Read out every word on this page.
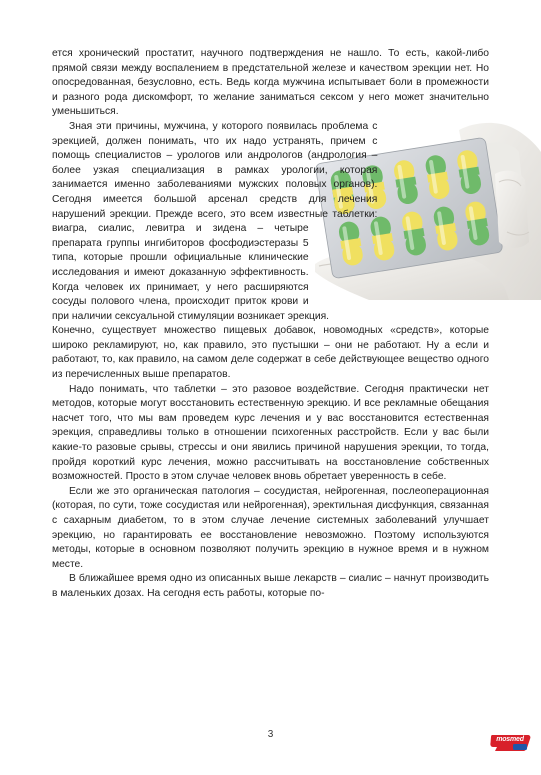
ется хронический простатит, научного подтверждения не нашло. То есть, какой-либо прямой связи между воспалением в предстательной железе и качеством эрекции нет. Но опосредованная, безусловно, есть. Ведь когда мужчина испытывает боли в промежности и разного рода дискомфорт, то желание заниматься сексом у него может значительно уменьшиться.

Зная эти причины, мужчина, у которого появилась проблема с эрекцией, должен понимать, что их надо устранять, причем с помощь специалистов – урологов или андрологов (андрология – более узкая специализация в рамках урологии, которая занимается именно заболеваниями мужских половых органов). Сегодня имеется большой арсенал средств для лечения нарушений эрекции. Прежде всего, это всем известные таблетки: виагра, сиалис, левитра и зидена – четыре препарата группы ингибиторов фосфодиэстеразы 5 типа, которые прошли официальные клинические исследования и имеют доказанную эффективность. Когда человек их принимает, у него расширяются сосуды полового члена, происходит приток крови и при наличии сексуальной стимуляции возникает эрекция.

Конечно, существует множество пищевых добавок, новомодных «средств», которые широко рекламируют, но, как правило, это пустышки – они не работают. Ну а если и работают, то, как правило, на самом деле содержат в себе действующее вещество одного из перечисленных выше препаратов.

Надо понимать, что таблетки – это разовое воздействие. Сегодня практически нет методов, которые могут восстановить естественную эрекцию. И все рекламные обещания насчет того, что мы вам проведем курс лечения и у вас восстановится естественная эрекция, справедливы только в отношении психогенных расстройств. Если у вас были какие-то разовые срывы, стрессы и они явились причиной нарушения эрекции, то тогда, пройдя короткий курс лечения, можно рассчитывать на восстановление собственных возможностей. Просто в этом случае человек вновь обретает уверенность в себе.

Если же это органическая патология – сосудистая, нейрогенная, послеоперационная (которая, по сути, тоже сосудистая или нейрогенная), эректильная дисфункция, связанная с сахарным диабетом, то в этом случае лечение системных заболеваний улучшает эрекцию, но гарантировать ее восстановление невозможно. Поэтому используются методы, которые в основном позволяют получить эрекцию в нужное время и в нужном месте.

В ближайшее время одно из описанных выше лекарств – сиалис – начнут производить в маленьких дозах. На сегодня есть работы, которые по-

3	mosmed
